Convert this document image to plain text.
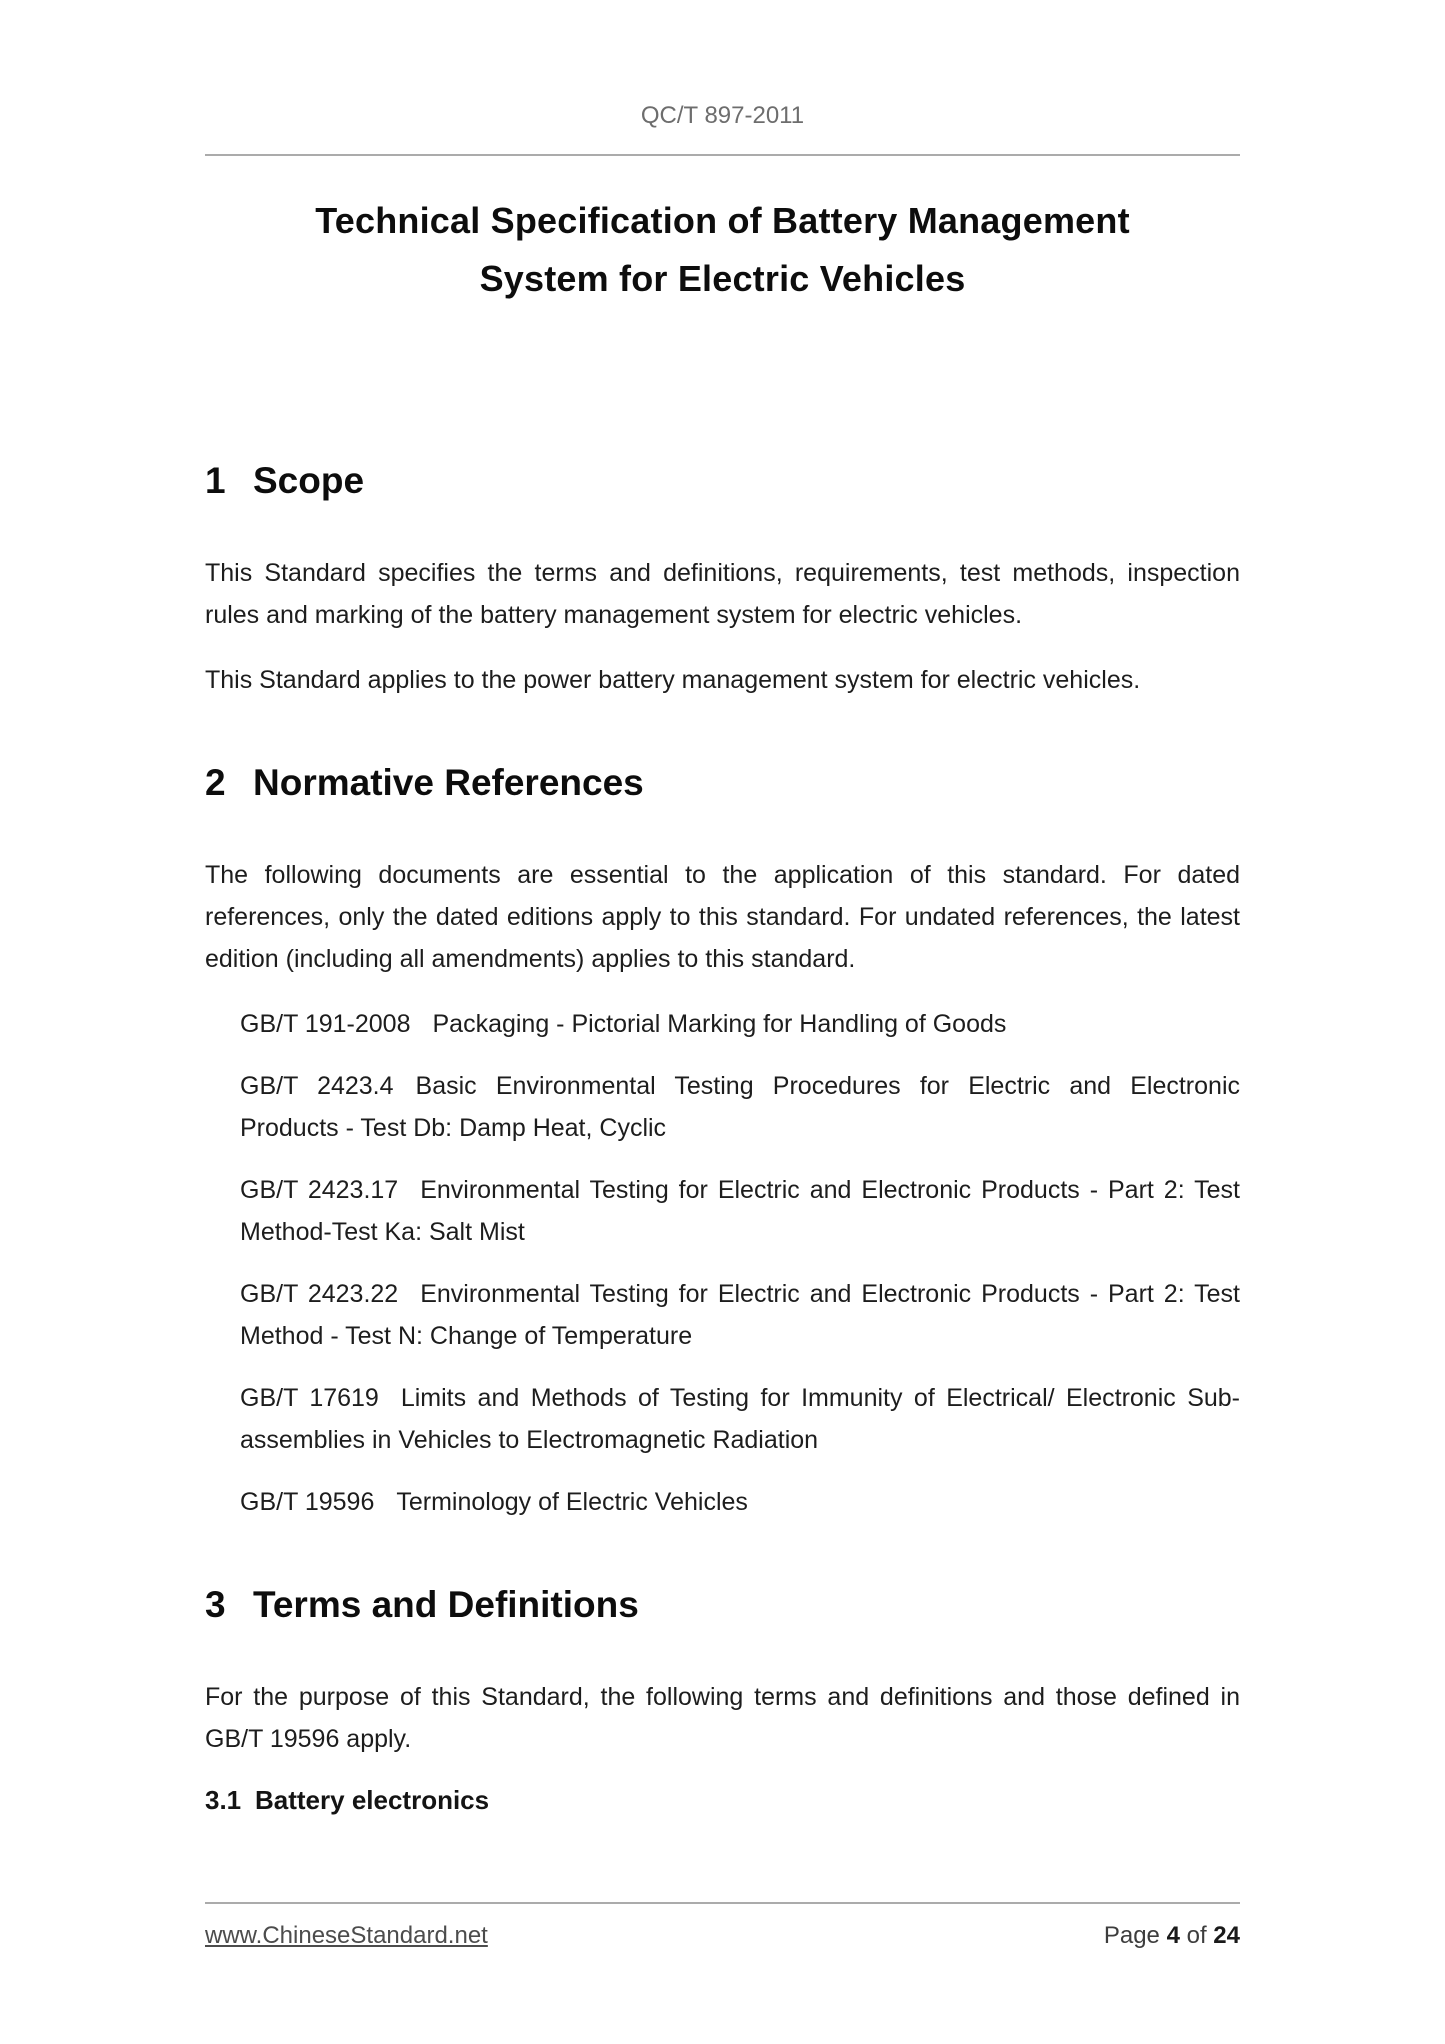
QC/T 897-2011
Technical Specification of Battery Management
System for Electric Vehicles
1 Scope

This Standard specifies the terms and definitions, requirements, test methods, inspection rules and marking of the battery management system for electric vehicles.

This Standard applies to the power battery management system for electric vehicles.

2 Normative References

The following documents are essential to the application of this standard. For dated references, only the dated editions apply to this standard. For undated references, the latest edition (including all amendments) applies to this standard.

GB/T 191-2008 Packaging - Pictorial Marking for Handling of Goods
GB/T 2423.4 Basic Environmental Testing Procedures for Electric and Electronic Products - Test Db: Damp Heat, Cyclic
GB/T 2423.17 Environmental Testing for Electric and Electronic Products - Part 2: Test Method-Test Ka: Salt Mist
GB/T 2423.22 Environmental Testing for Electric and Electronic Products - Part 2: Test Method - Test N: Change of Temperature
GB/T 17619 Limits and Methods of Testing for Immunity of Electrical/ Electronic Sub-assemblies in Vehicles to Electromagnetic Radiation
GB/T 19596 Terminology of Electric Vehicles
3 Terms and Definitions

For the purpose of this Standard, the following terms and definitions and those defined in GB/T 19596 apply.

3.1 Battery electronics
www.ChineseStandard.net	Page 4 of 24
